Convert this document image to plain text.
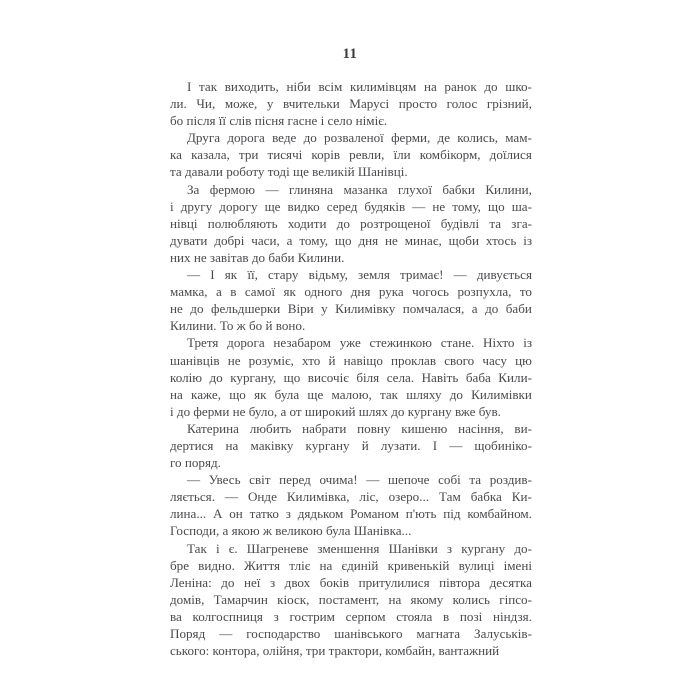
11

І так виходить, ніби всім килимівцям на ранок до шко-
ли. Чи, може, у вчительки Марусі просто голос грізний,
бо після її слів пісня гасне і село німіє.

Друга дорога веде до розваленої ферми, де колись, мам-
ка казала, три тисячі корів ревли, їли комбікорм, доїлися
та давали роботу тоді ще великій Шанівці.

За фермою — глиняна мазанка глухої бабки Килини,
і другу дорогу ще видко серед будяків — не тому, що ша-
нівці полюбляють ходити до розтрощеної будівлі та зга-
дувати добрі часи, а тому, що дня не минає, щоби хтось із
них не завітав до баби Килини.

— І як її, стару відьму, земля тримає! — дивується
мамка, а в самої як одного дня рука чогось розпухла, то
не до фельдшерки Віри у Килимівку помчалася, а до баби
Килини. То ж бо й воно.

Третя дорога незабаром уже стежинкою стане. Ніхто із
шанівців не розуміє, хто й навіщо проклав свого часу цю
колію до кургану, що височіє біля села. Навіть баба Кили-
на каже, що як була ще малою, так шляху до Килимівки
і до ферми не було, а от широкий шлях до кургану вже був.

Катерина любить набрати повну кишеню насіння, ви-
дертися на маківку кургану й лузати. І — щобиніко-
го поряд.

— Увесь світ перед очима! — шепоче собі та роздив-
ляється. — Онде Килимівка, ліс, озеро... Там бабка Ки-
лина... А он татко з дядьком Романом п'ють під комбайном.
Господи, а якою ж великою була Шанівка...

Так і є. Шагреневе зменшення Шанівки з кургану до-
бре видно. Життя тліє на єдиній кривенькій вулиці імені
Леніна: до неї з двох боків притулилися півтора десятка
домів, Тамарчин кіоск, постамент, на якому колись гіпсо-
ва колгоспниця з гострим серпом стояла в позі ніндзя.
Поряд — господарство шанівського магната Залуськів-
ського: контора, олійня, три трактори, комбайн, вантажний
